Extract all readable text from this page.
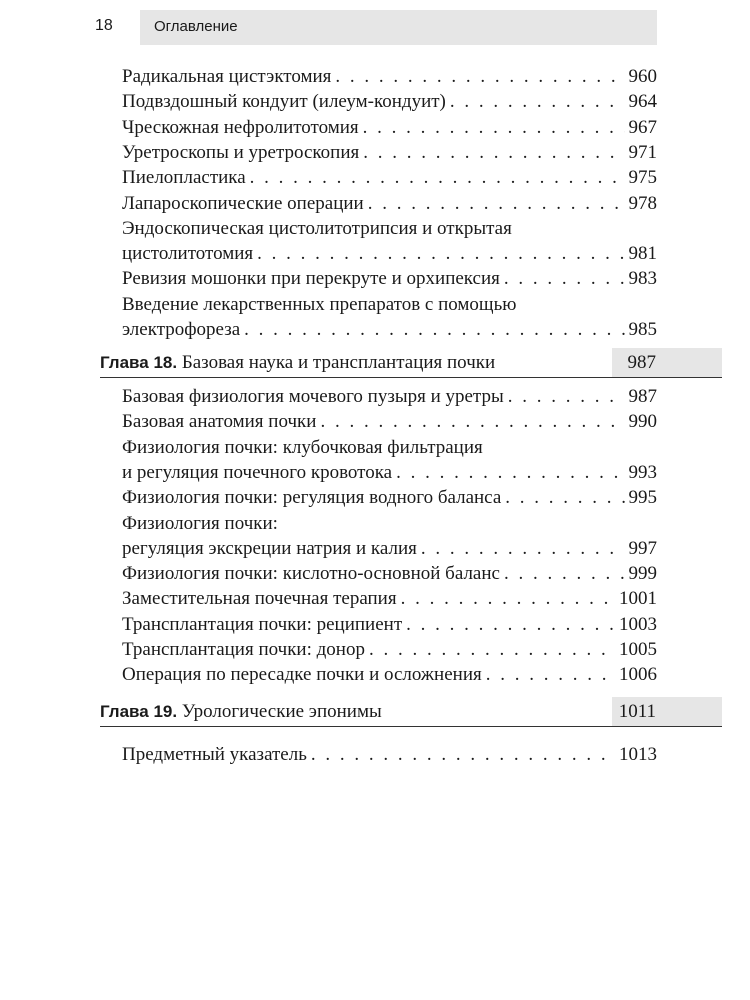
18	Оглавление
Радикальная цистэктомия . . .	960
Подвздошный кондуит (илеум-кондуит) . . .	964
Чрескожная нефролитотомия . . .	967
Уретроскопы и уретроскопия . . .	971
Пиелопластика . . .	975
Лапароскопические операции . . .	978
Эндоскопическая цистолитотрипсия и открытая
цистолитотомия . . .	981
Ревизия мошонки при перекруте и орхипексия . . .	983
Введение лекарственных препаратов с помощью
электрофореза . . .	985
Глава 18. Базовая наука и трансплантация почки	987
Базовая физиология мочевого пузыря и уретры . . .	987
Базовая анатомия почки . . .	990
Физиология почки: клубочковая фильтрация
и регуляция почечного кровотока . . .	993
Физиология почки: регуляция водного баланса . . .	995
Физиология почки:
регуляция экскреции натрия и калия . . .	997
Физиология почки: кислотно-основной баланс . . .	999
Заместительная почечная терапия . . .	1001
Трансплантация почки: реципиент . . .	1003
Трансплантация почки: донор . . .	1005
Операция по пересадке почки и осложнения . . .	1006
Глава 19. Урологические эпонимы	1011
Предметный указатель . . .	1013
